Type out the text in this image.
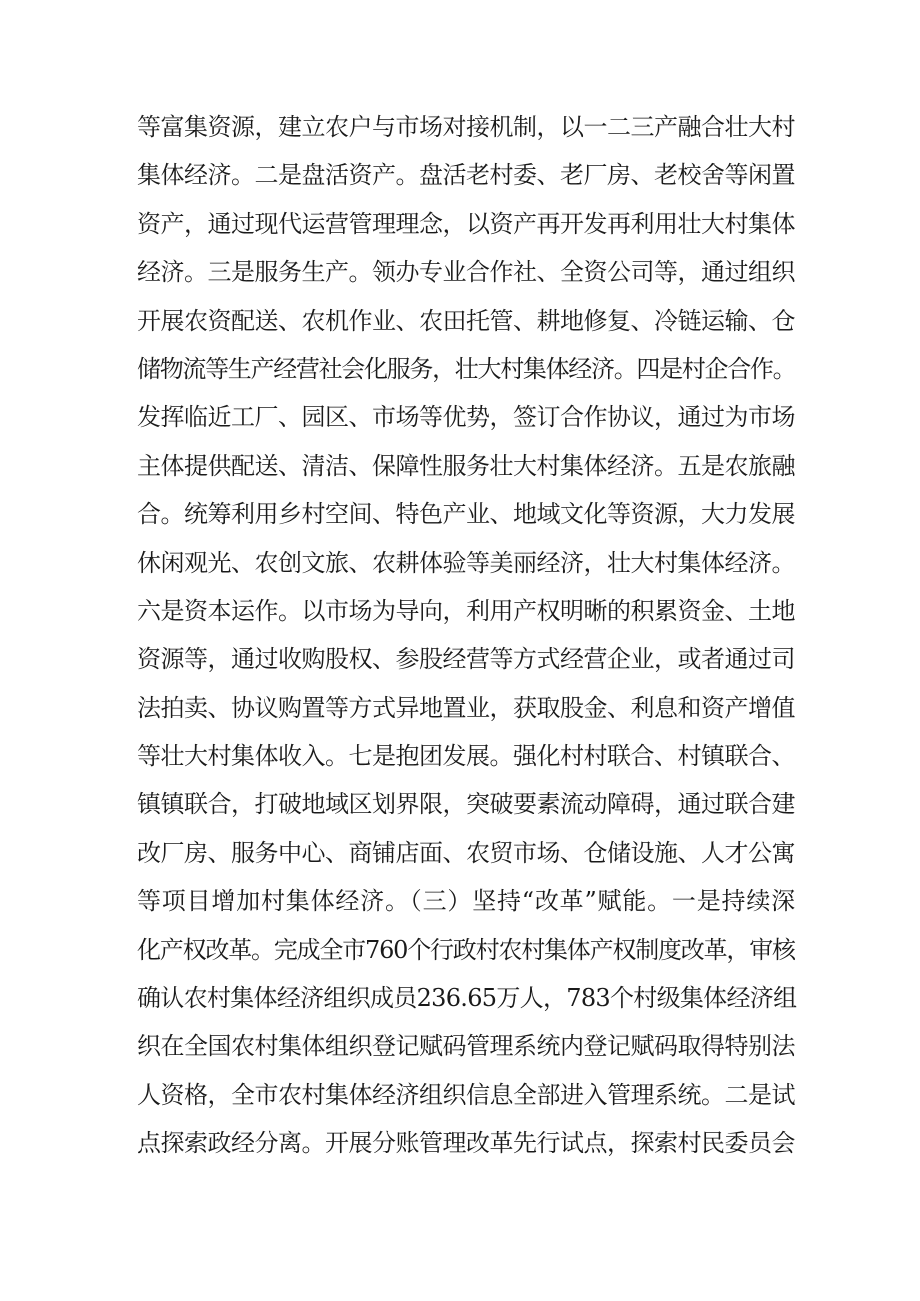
等富集资源，建立农户与市场对接机制，以一二三产融合壮大村
集体经济。二是盘活资产。盘活老村委、老厂房、老校舍等闲置
资产，通过现代运营管理理念，以资产再开发再利用壮大村集体
经济。三是服务生产。领办专业合作社、全资公司等，通过组织
开展农资配送、农机作业、农田托管、耕地修复、冷链运输、仓
储物流等生产经营社会化服务，壮大村集体经济。四是村企合作。
发挥临近工厂、园区、市场等优势，签订合作协议，通过为市场
主体提供配送、清洁、保障性服务壮大村集体经济。五是农旅融
合。统筹利用乡村空间、特色产业、地域文化等资源，大力发展
休闲观光、农创文旅、农耕体验等美丽经济，壮大村集体经济。
六是资本运作。以市场为导向，利用产权明晰的积累资金、土地
资源等，通过收购股权、参股经营等方式经营企业，或者通过司
法拍卖、协议购置等方式异地置业，获取股金、利息和资产增值
等壮大村集体收入。七是抱团发展。强化村村联合、村镇联合、
镇镇联合，打破地域区划界限，突破要素流动障碍，通过联合建
改厂房、服务中心、商铺店面、农贸市场、仓储设施、人才公寓
等项目增加村集体经济。（三）坚持“改革”赋能。一是持续深
化产权改革。完成全市760个行政村农村集体产权制度改革，审核
确认农村集体经济组织成员236.65万人，783个村级集体经济组
织在全国农村集体组织登记赋码管理系统内登记赋码取得特别法
人资格，全市农村集体经济组织信息全部进入管理系统。二是试
点探索政经分离。开展分账管理改革先行试点，探索村民委员会
